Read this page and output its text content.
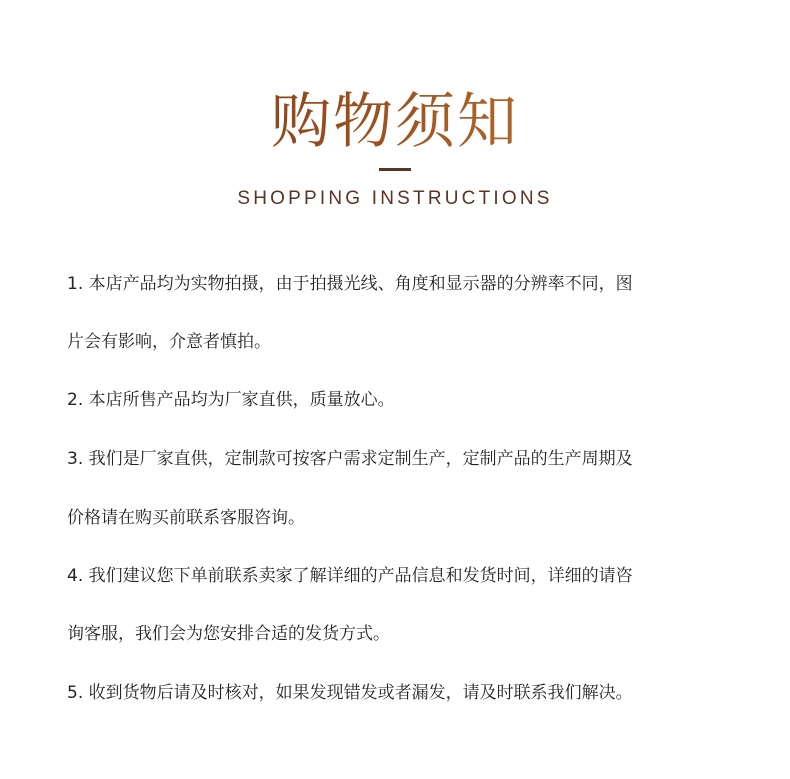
购物须知
SHOPPING INSTRUCTIONS
1. 本店产品均为实物拍摄，由于拍摄光线、角度和显示器的分辨率不同，图
片会有影响，介意者慎拍。
2. 本店所售产品均为厂家直供，质量放心。
3. 我们是厂家直供，定制款可按客户需求定制生产，定制产品的生产周期及
价格请在购买前联系客服咨询。
4. 我们建议您下单前联系卖家了解详细的产品信息和发货时间，详细的请咨
询客服，我们会为您安排合适的发货方式。
5. 收到货物后请及时核对，如果发现错发或者漏发，请及时联系我们解决。
